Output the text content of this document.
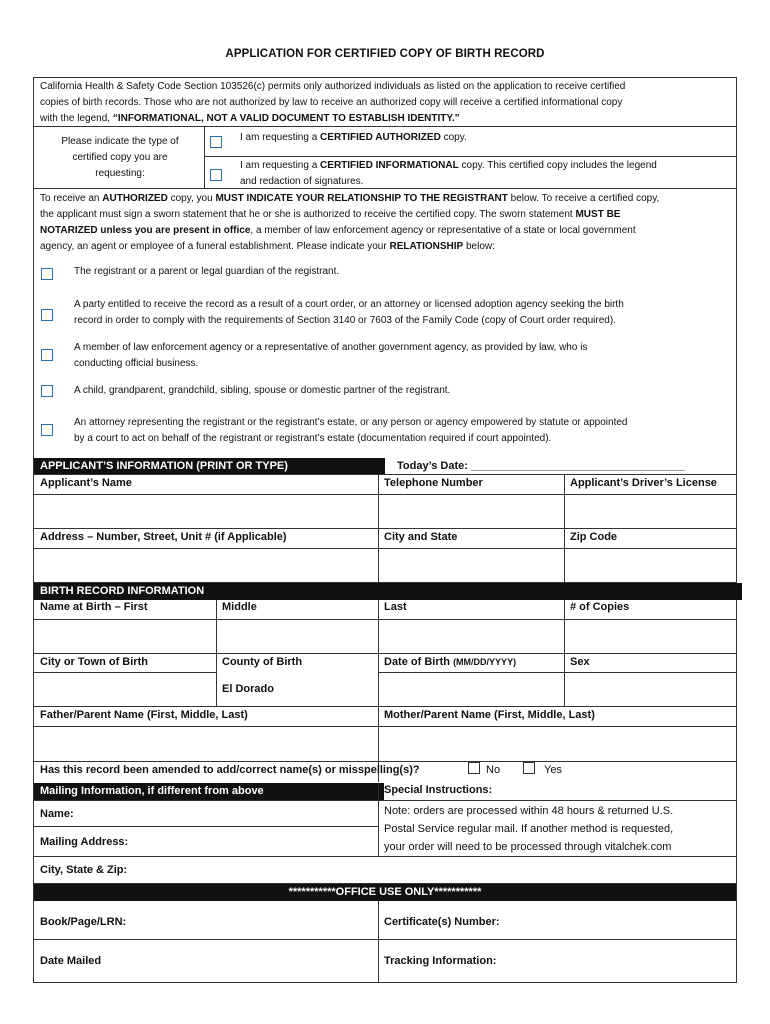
APPLICATION FOR CERTIFIED COPY OF BIRTH RECORD
California Health & Safety Code Section 103526(c) permits only authorized individuals as listed on the application to receive certified
copies of birth records. Those who are not authorized by law to receive an authorized copy will receive a certified informational copy
with the legend, “INFORMATIONAL, NOT A VALID DOCUMENT TO ESTABLISH IDENTITY.”
Please indicate the type of
certified copy you are
requesting:
I am requesting a CERTIFIED AUTHORIZED copy.
I am requesting a CERTIFIED INFORMATIONAL copy. This certified copy includes the legend
and redaction of signatures.
To receive an AUTHORIZED copy, you MUST INDICATE YOUR RELATIONSHIP TO THE REGISTRANT below. To receive a certified copy,
the applicant must sign a sworn statement that he or she is authorized to receive the certified copy. The sworn statement MUST BE
NOTARIZED unless you are present in office, a member of law enforcement agency or representative of a state or local government
agency, an agent or employee of a funeral establishment. Please indicate your RELATIONSHIP below:
The registrant or a parent or legal guardian of the registrant.
A party entitled to receive the record as a result of a court order, or an attorney or licensed adoption agency seeking the birth
record in order to comply with the requirements of Section 3140 or 7603 of the Family Code (copy of Court order required).
A member of law enforcement agency or a representative of another government agency, as provided by law, who is
conducting official business.
A child, grandparent, grandchild, sibling, spouse or domestic partner of the registrant.
An attorney representing the registrant or the registrant’s estate, or any person or agency empowered by statute or appointed
by a court to act on behalf of the registrant or registrant’s estate (documentation required if court appointed).
APPLICANT’S INFORMATION (PRINT OR TYPE)	Today’s Date: ___________________________________
Applicant’s Name	Telephone Number	Applicant’s Driver’s License
Address – Number, Street, Unit # (if Applicable)	City and State	Zip Code
BIRTH RECORD INFORMATION
Name at Birth – First	Middle	Last	# of Copies
City or Town of Birth	County of Birth	Date of Birth (MM/DD/YYYY)	Sex
El Dorado
Father/Parent Name (First, Middle, Last)	Mother/Parent Name (First, Middle, Last)
Has this record been amended to add/correct name(s) or misspelling(s)?	No	Yes
Mailing Information, if different from above	Special Instructions:
Name:
Mailing Address:
Note: orders are processed within 48 hours & returned U.S.
Postal Service regular mail. If another method is requested,
your order will need to be processed through vitalchek.com
City, State & Zip:
***********OFFICE USE ONLY***********
Book/Page/LRN:	Certificate(s) Number:
Date Mailed	Tracking Information:
